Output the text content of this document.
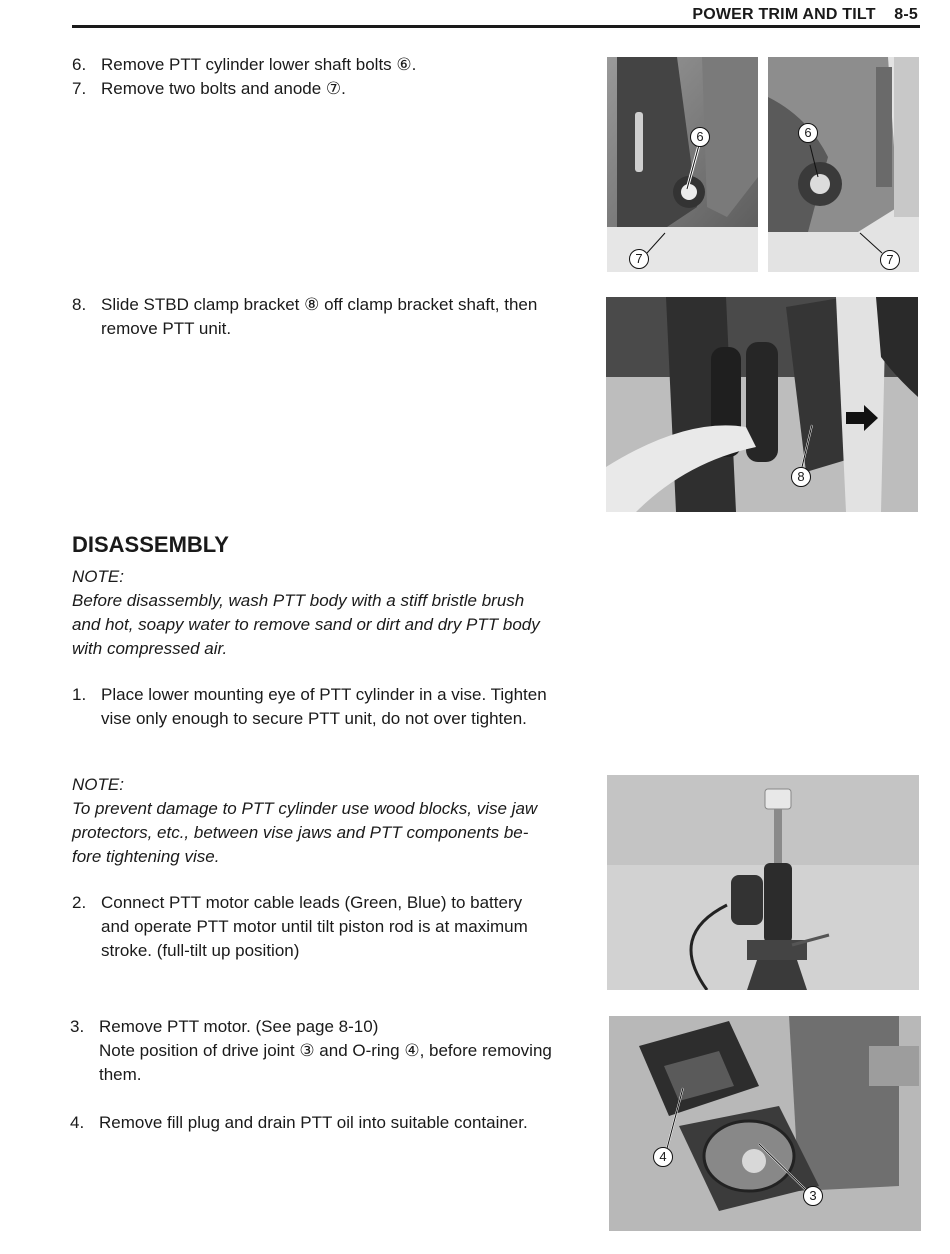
POWER TRIM AND TILT    8-5
6. Remove PTT cylinder lower shaft bolts ⑥.
7. Remove two bolts and anode ⑦.
8. Slide STBD clamp bracket ⑧ off clamp bracket shaft, then
remove PTT unit.
DISASSEMBLY
NOTE:
Before disassembly, wash PTT body with a stiff bristle brush
and hot, soapy water to remove sand or dirt and dry PTT body
with compressed air.
1. Place lower mounting eye of PTT cylinder in a vise. Tighten
vise only enough to secure PTT unit, do not over tighten.
NOTE:
To prevent damage to PTT cylinder use wood blocks, vise jaw
protectors, etc., between vise jaws and PTT components be-
fore tightening vise.
2. Connect PTT motor cable leads (Green, Blue) to battery
and operate PTT motor until tilt piston rod is at maximum
stroke. (full-tilt up position)
3. Remove PTT motor. (See page 8-10)
Note position of drive joint ③ and O-ring ④, before removing
them.
4. Remove fill plug and drain PTT oil into suitable container.
6
7
6
7
8
4
3
